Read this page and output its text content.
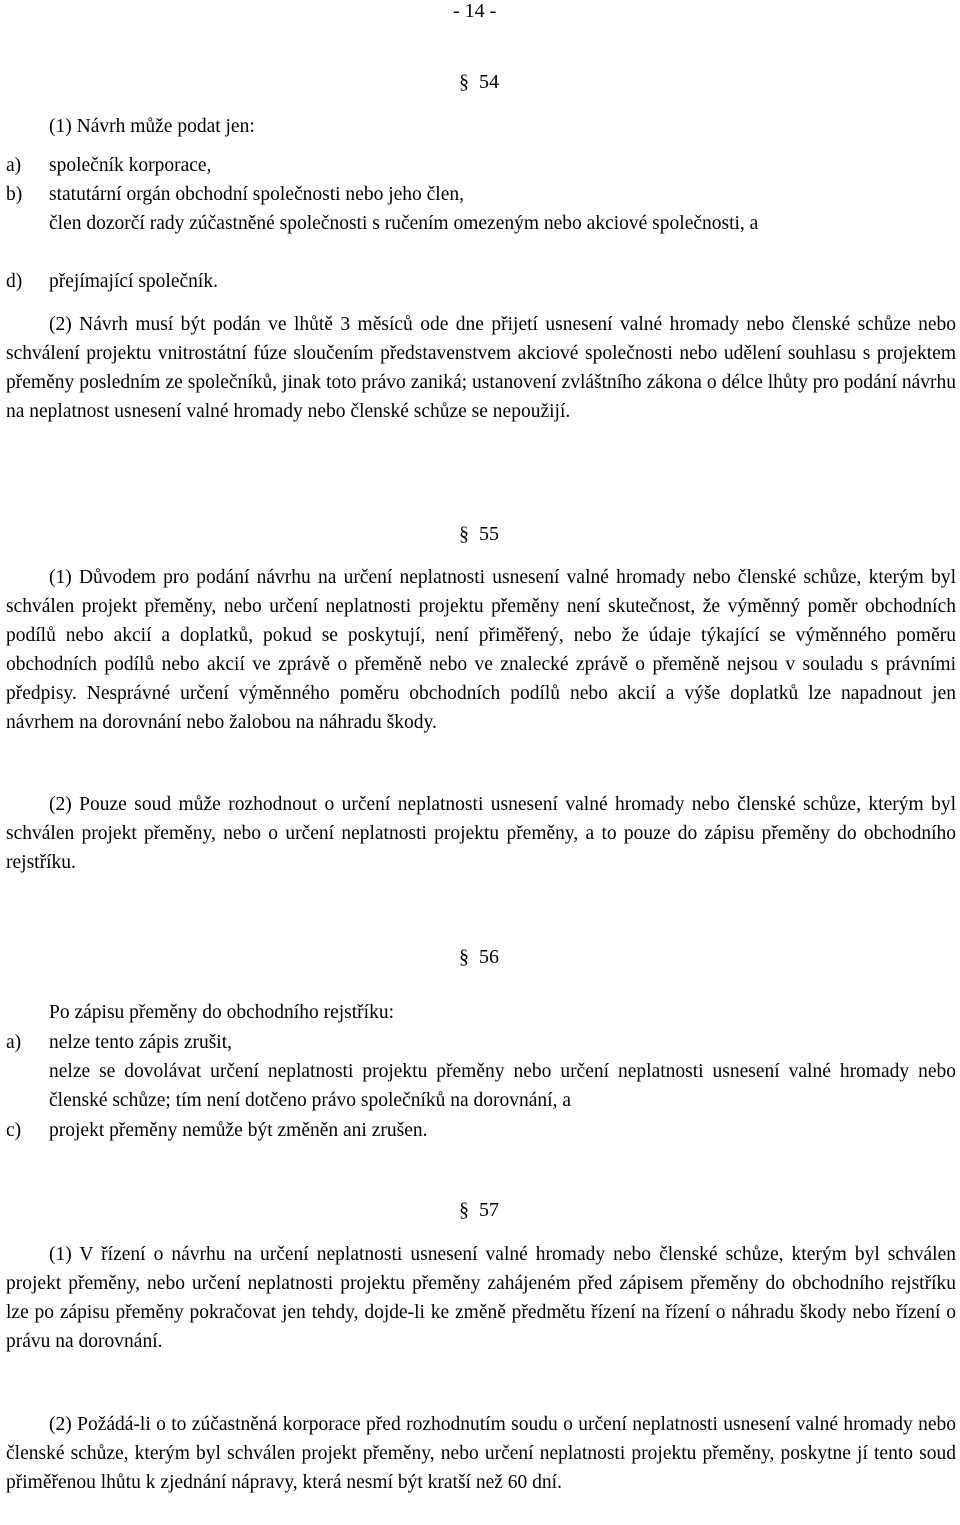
- 14 -
§ 54
(1) Návrh může podat jen:
a) společník korporace,
b) statutární orgán obchodní společnosti nebo jeho člen,
člen dozorčí rady zúčastněné společnosti s ručením omezeným nebo akciové společnosti, a
d) přejímající společník.
(2) Návrh musí být podán ve lhůtě 3 měsíců ode dne přijetí usnesení valné hromady nebo členské schůze nebo schválení projektu vnitrostátní fúze sloučením představenstvem akciové společnosti nebo udělení souhlasu s projektem přeměny posledním ze společníků, jinak toto právo zaniká; ustanovení zvláštního zákona o délce lhůty pro podání návrhu na neplatnost usnesení valné hromady nebo členské schůze se nepoužijí.
§ 55
(1) Důvodem pro podání návrhu na určení neplatnosti usnesení valné hromady nebo členské schůze, kterým byl schválen projekt přeměny, nebo určení neplatnosti projektu přeměny není skutečnost, že výměnný poměr obchodních podílů nebo akcií a doplatků, pokud se poskytují, není přiměřený, nebo že údaje týkající se výměnného poměru obchodních podílů nebo akcií ve zprávě o přeměně nebo ve znalecké zprávě o přeměně nejsou v souladu s právními předpisy. Nesprávné určení výměnného poměru obchodních podílů nebo akcií a výše doplatků lze napadnout jen návrhem na dorovnání nebo žalobou na náhradu škody.
(2) Pouze soud může rozhodnout o určení neplatnosti usnesení valné hromady nebo členské schůze, kterým byl schválen projekt přeměny, nebo o určení neplatnosti projektu přeměny, a to pouze do zápisu přeměny do obchodního rejstříku.
§ 56
Po zápisu přeměny do obchodního rejstříku:
a) nelze tento zápis zrušit,
nelze se dovolávat určení neplatnosti projektu přeměny nebo určení neplatnosti usnesení valné hromady nebo členské schůze; tím není dotčeno právo společníků na dorovnání, a
c) projekt přeměny nemůže být změněn ani zrušen.
§ 57
(1) V řízení o návrhu na určení neplatnosti usnesení valné hromady nebo členské schůze, kterým byl schválen projekt přeměny, nebo určení neplatnosti projektu přeměny zahájeném před zápisem přeměny do obchodního rejstříku lze po zápisu přeměny pokračovat jen tehdy, dojde-li ke změně předmětu řízení na řízení o náhradu škody nebo řízení o právu na dorovnání.
(2) Požádá-li o to zúčastněná korporace před rozhodnutím soudu o určení neplatnosti usnesení valné hromady nebo členské schůze, kterým byl schválen projekt přeměny, nebo určení neplatnosti projektu přeměny, poskytne jí tento soud přiměřenou lhůtu k zjednání nápravy, která nesmí být kratší než 60 dní.
